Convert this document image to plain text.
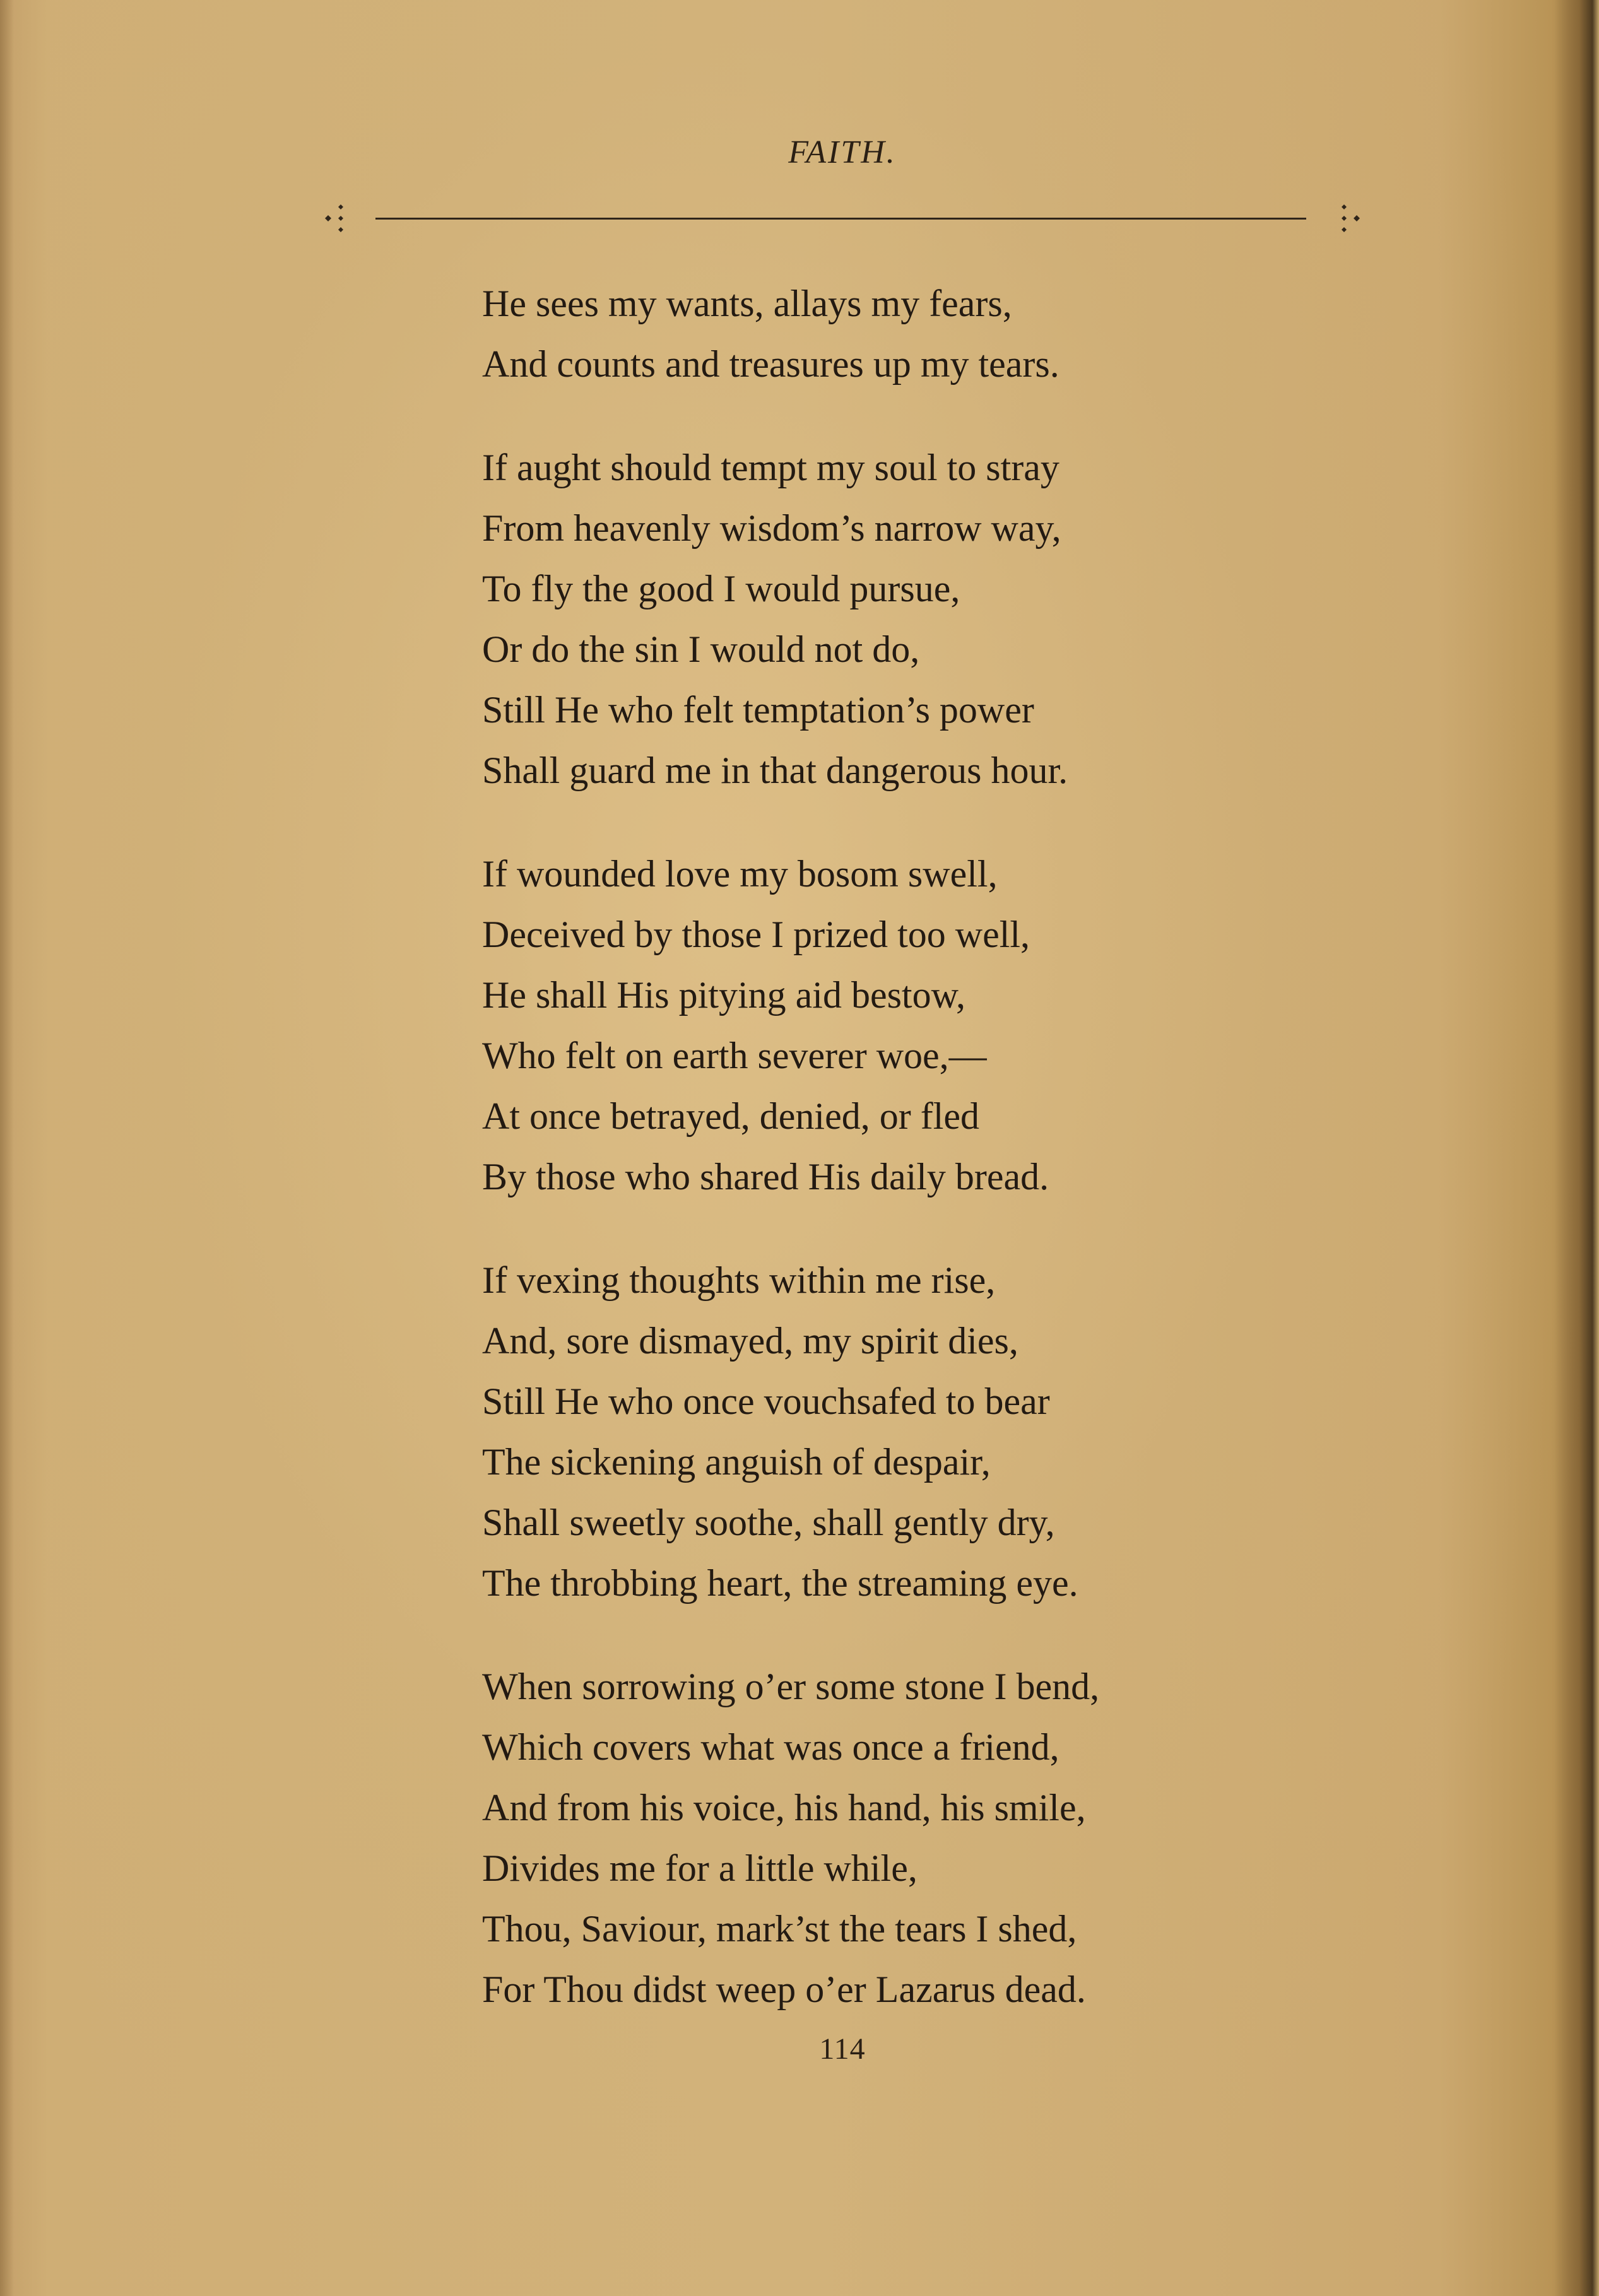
FAITH.
He sees my wants, allays my fears,
And counts and treasures up my tears.
If aught should tempt my soul to stray
From heavenly wisdom’s narrow way,
To fly the good I would pursue,
Or do the sin I would not do,
Still He who felt temptation’s power
Shall guard me in that dangerous hour.
If wounded love my bosom swell,
Deceived by those I prized too well,
He shall His pitying aid bestow,
Who felt on earth severer woe,—
At once betrayed, denied, or fled
By those who shared His daily bread.
If vexing thoughts within me rise,
And, sore dismayed, my spirit dies,
Still He who once vouchsafed to bear
The sickening anguish of despair,
Shall sweetly soothe, shall gently dry,
The throbbing heart, the streaming eye.
When sorrowing o’er some stone I bend,
Which covers what was once a friend,
And from his voice, his hand, his smile,
Divides me for a little while,
Thou, Saviour, mark’st the tears I shed,
For Thou didst weep o’er Lazarus dead.
114
